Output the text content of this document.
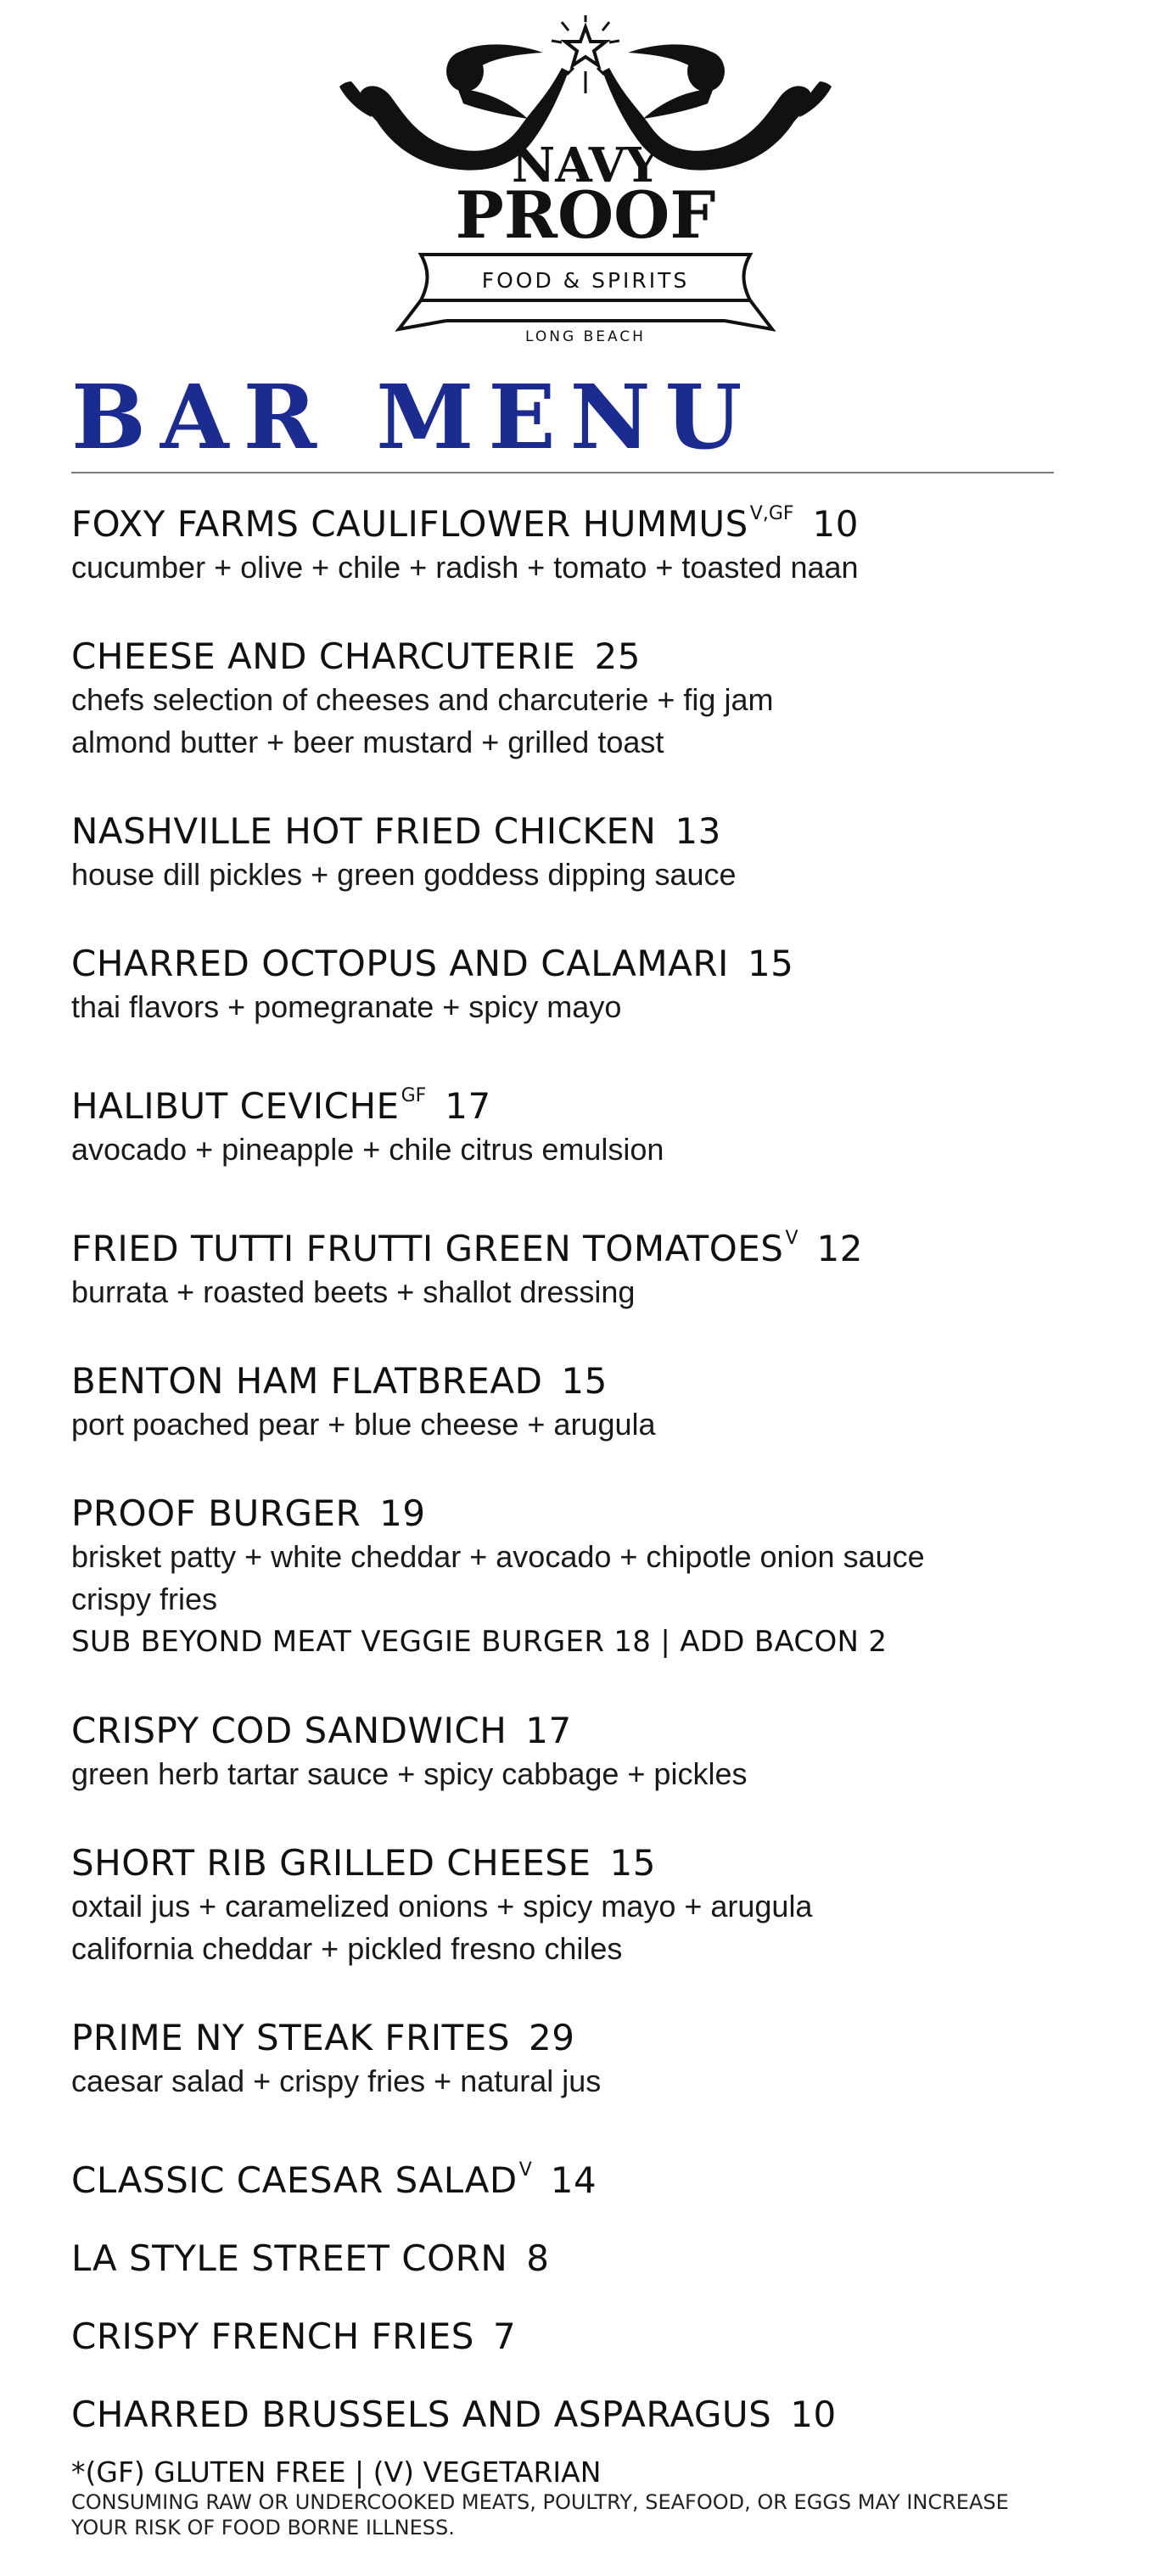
NAVY
PROOF
FOOD & SPIRITS
LONG BEACH
BAR MENU
FOXY FARMS CAULIFLOWER $HUMMUS^{V,GF}$ 10
cucumber + olive + chile + radish + tomato + toasted naan
CHEESE AND CHARCUTERIE 25
chefs selection of cheeses and charcuterie + fig jam
almond butter + beer mustard + grilled toast
NASHVILLE HOT FRIED CHICKEN 13
house dill pickles + green goddess dipping sauce
CHARRED OCTOPUS AND CALAMARI 15
thai flavors + pomegranate + spicy mayo
HALIBUT $CEVICHE^{GF}$ 17
avocado + pineapple + chile citrus emulsion
FRIED TUTTI FRUTTI GREEN $TOMATOES^V$ 12
burrata + roasted beets + shallot dressing
BENTON HAM FLATBREAD 15
port poached pear + blue cheese + arugula
PROOF BURGER 19
brisket patty + white cheddar + avocado + chipotle onion sauce
crispy fries
SUB BEYOND MEAT VEGGIE BURGER 18 | ADD BACON 2
CRISPY COD SANDWICH 17
green herb tartar sauce + spicy cabbage + pickles
SHORT RIB GRILLED CHEESE 15
oxtail jus + caramelized onions + spicy mayo + arugula
california cheddar + pickled fresno chiles
PRIME NY STEAK FRITES 29
caesar salad + crispy fries + natural jus
CLASSIC CAESAR $SALAD^V$ 14
LA STYLE STREET CORN 8
CRISPY FRENCH FRIES 7
CHARRED BRUSSELS AND ASPARAGUS 10
*(GF) GLUTEN FREE | (V) VEGETARIAN
CONSUMING RAW OR UNDERCOOKED MEATS, POULTRY, SEAFOOD, OR EGGS MAY INCREASE YOUR RISK OF FOOD BORNE ILLNESS.
